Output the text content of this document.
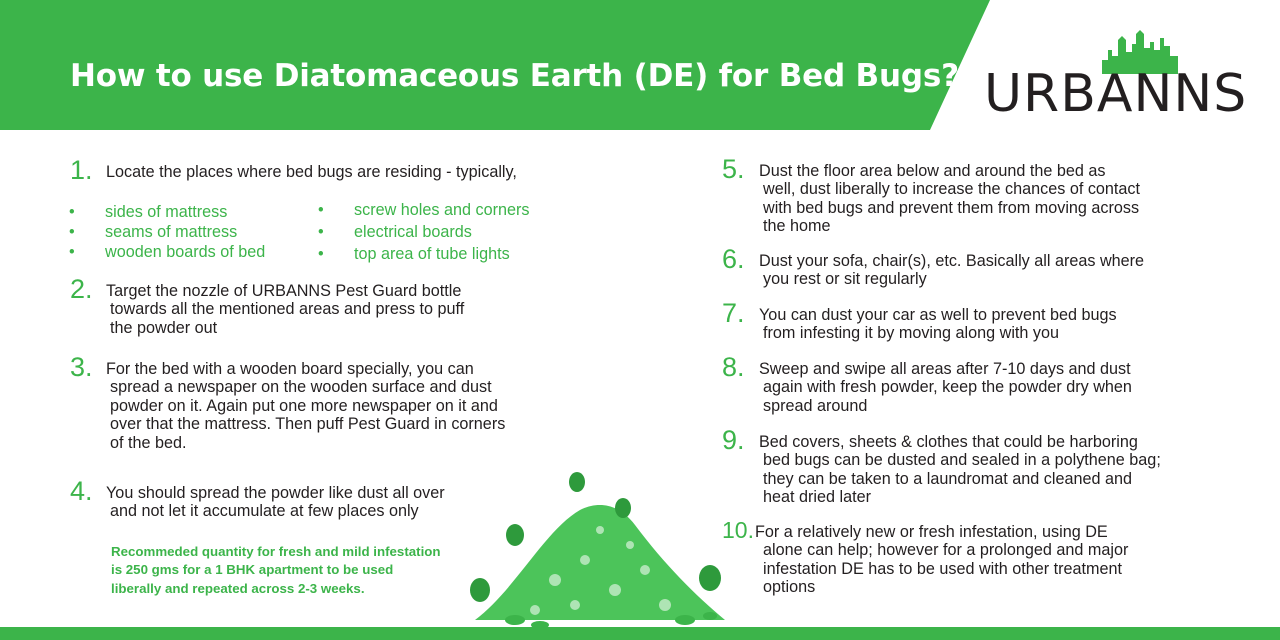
How to use Diatomaceous Earth (DE) for Bed Bugs? URBANNS
1. Locate the places where bed bugs are residing - typically,
• sides of mattress
• seams of mattress
• wooden boards of bed
• screw holes and corners
• electrical boards
• top area of tube lights
2. Target the nozzle of URBANNS Pest Guard bottle
towards all the mentioned areas and press to puff
the powder out
3. For the bed with a wooden board specially, you can
spread a newspaper on the wooden surface and dust
powder on it. Again put one more newspaper on it and
over that the mattress. Then puff Pest Guard in corners
of the bed.
4. You should spread the powder like dust all over
and not let it accumulate at few places only
Recommeded quantity for fresh and mild infestation
is 250 gms for a 1 BHK apartment to be used
liberally and repeated across 2-3 weeks.
5. Dust the floor area below and around the bed as
well, dust liberally to increase the chances of contact
with bed bugs and prevent them from moving across
the home
6. Dust your sofa, chair(s), etc. Basically all areas where
you rest or sit regularly
7. You can dust your car as well to prevent bed bugs
from infesting it by moving along with you
8. Sweep and swipe all areas after 7-10 days and dust
again with fresh powder, keep the powder dry when
spread around
9. Bed covers, sheets & clothes that could be harboring
bed bugs can be dusted and sealed in a polythene bag;
they can be taken to a laundromat and cleaned and
heat dried later
10. For a relatively new or fresh infestation, using DE
alone can help; however for a prolonged and major
infestation DE has to be used with other treatment
options
